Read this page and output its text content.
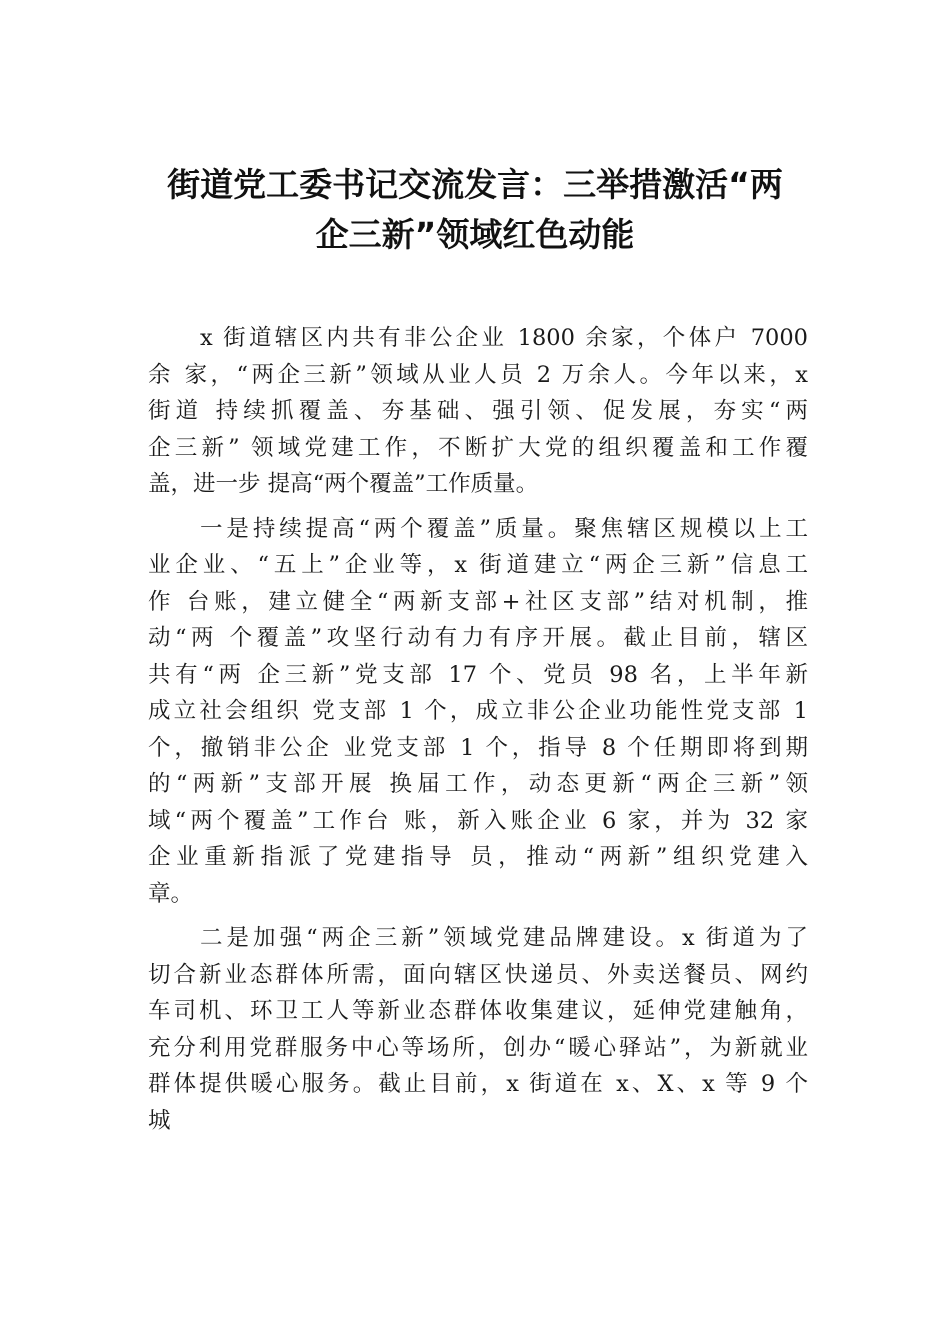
街道党工委书记交流发言：三举措激活“两
企三新”领域红色动能

x 街道辖区内共有非公企业 1800 余家，个体户 7000
余 家，“两企三新”领域从业人员 2 万余人。今年以来，x
街道 持续抓覆盖、夯基础、强引领、促发展，夯实“两
企三新” 领域党建工作，不断扩大党的组织覆盖和工作覆
盖，进一步 提高“两个覆盖”工作质量。

一是持续提高“两个覆盖”质量。聚焦辖区规模以上工
业企业、“五上”企业等，x 街道建立“两企三新”信息工
作 台账，建立健全“两新支部+社区支部”结对机制，推
动“两 个覆盖”攻坚行动有力有序开展。截止目前，辖区
共有“两 企三新”党支部 17 个、党员 98 名，上半年新
成立社会组织 党支部 1 个，成立非公企业功能性党支部 1
个，撤销非公企 业党支部 1 个，指导 8 个任期即将到期
的“两新”支部开展 换届工作，动态更新“两企三新”领
域“两个覆盖”工作台 账，新入账企业 6 家，并为 32 家
企业重新指派了党建指导 员，推动“两新”组织党建入
章。

二是加强“两企三新”领域党建品牌建设。x 街道为了
切合新业态群体所需，面向辖区快递员、外卖送餐员、网约
车司机、环卫工人等新业态群体收集建议，延伸党建触角，
充分利用党群服务中心等场所，创办“暖心驿站”，为新就业
群体提供暖心服务。截止目前，x 街道在 x、X、x 等 9 个
城
